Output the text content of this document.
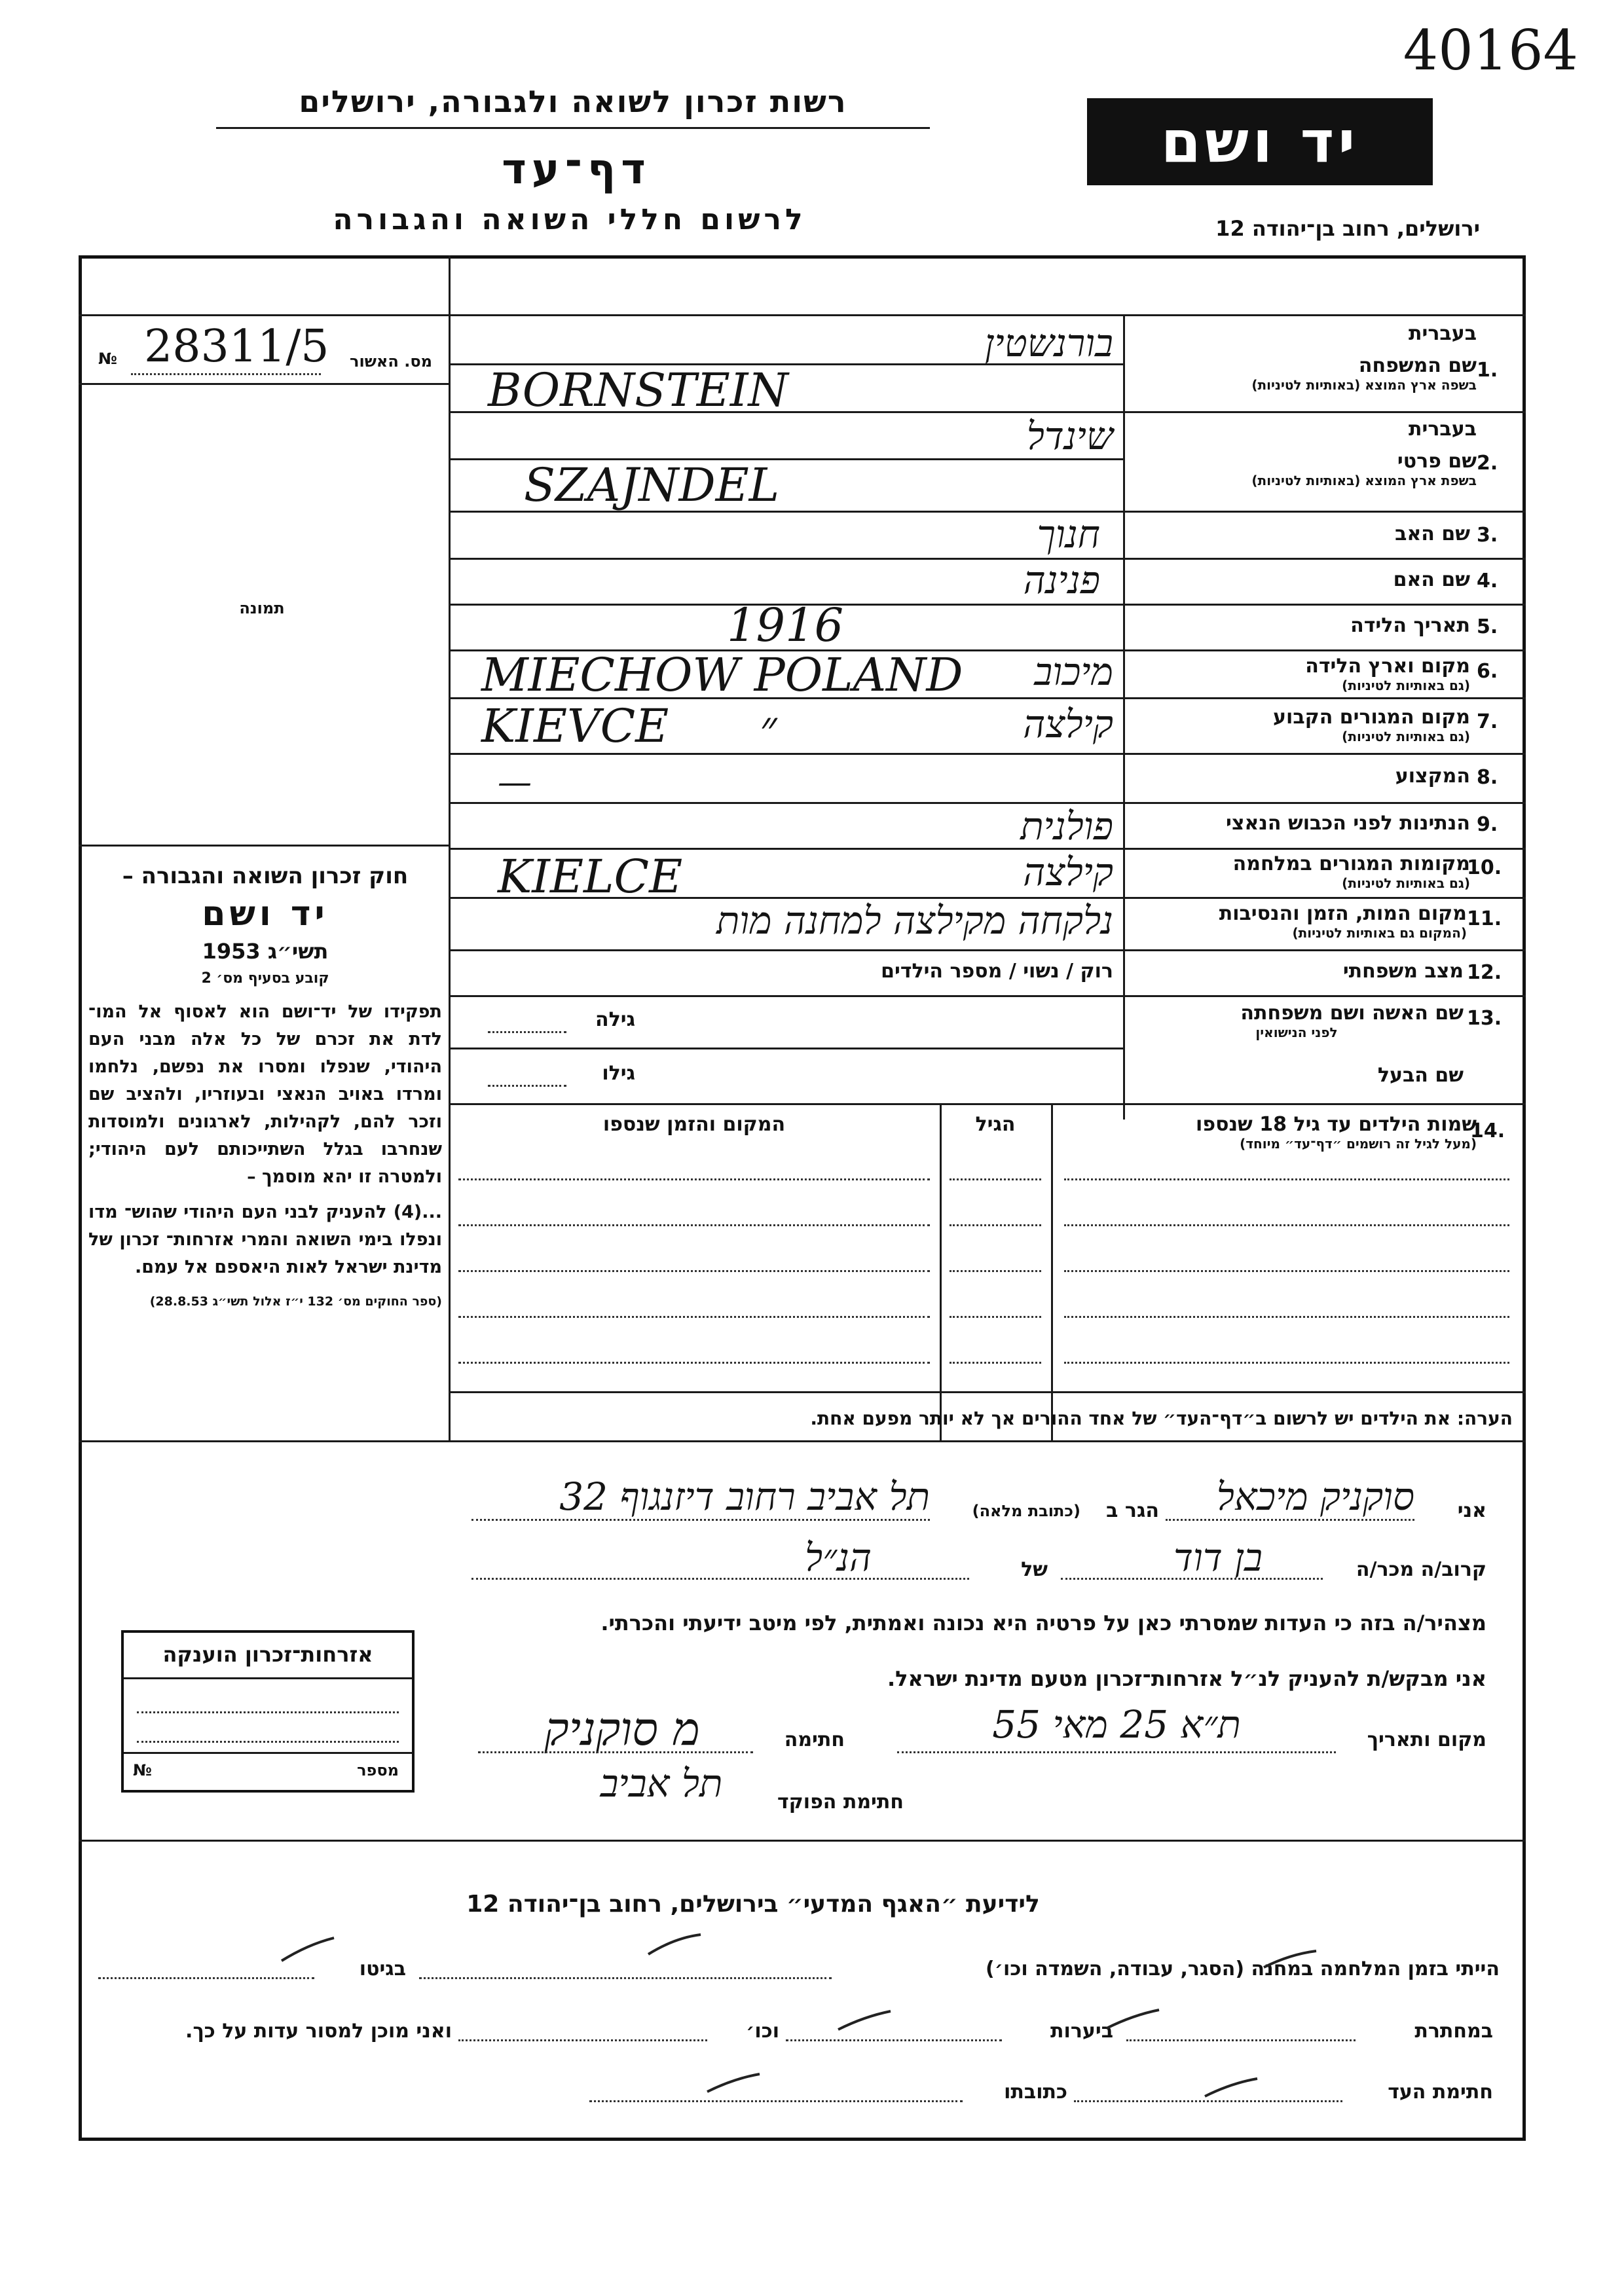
40164
רשות זכרון לשואה ולגבורה, ירושלים
דף־עד
לרשום חללי השואה והגבורה
יד ושם
ירושלים, רחוב בן־יהודה 12
№ 28311/5 מס. האשור
תמונה
חוק זכרון השואה והגבורה –
יד ושם
תשי״ג 1953
קובע בסעיף מס׳ 2
תפקידו של יד־ושם הוא לאסוף אל המו־ לדת את זכרם של כל אלה מבני העם היהודי, שנפלו ומסרו את נפשם, נלחמו ומרדו באויב הנאצי ובעוזריו, ולהציב שם וזכר להם, לקהילות, לארגונים ולמוסדות שנחרבו בגלל השתייכותם לעם היהודי; ולמטרה זו יהא מוסמך –
...(4) להעניק לבני העם היהודי שהוש־ מדו ונפלו בימי השואה והמרי אזרחות־ זכרון של מדינת ישראל לאות היאספם אל עמם.
(ספר החוקים מס׳ 132 י״ז אלול תשי״ג 28.8.53)
בעברית
שם המשפחה
בשפה ארץ המוצא (באותיות לטיניות)
1.
בעברית
שם פרטי
בשפת ארץ המוצא (באותיות לטיניות)
2.
שם האב 3.
שם האם 4.
תאריך הלידה 5.
מקום וארץ הלידה
(גם באותיות לטיניות)
6.
מקום המגורים הקבוע
(גם באותיות לטיניות)
7.
המקצוע 8.
הנתינות לפני הכבוש הנאצי 9.
מקומות המגורים במלחמה
(גם באותיות לטיניות)
10.
מקום המות, הזמן והנסיבות
(המקום גם באותיות לטיניות)
11.
מצב משפחתי 12.
שם האשה ושם משפחתה
לפני הנישואין
13.
שם הבעל
בורנשטין
BORNSTEIN
שינדל
SZAJNDEL
חנוך
פנינה
1916
מיכוב
MIECHOW POLAND
קילצה
״
KIEVCE
—
פולנית
קילצה
KIELCE
נלקחה מקילצה למחנה מות
רוק / נשוי / מספר הילדים
גילה
גילו
שמות הילדים עד גיל 18 שנספו
(מעל לגיל זה רושמים ״דף־עד״ מיוחד)
14.
הגיל
המקום והזמן שנספו
הערה: את הילדים יש לרשום ב״דף־העד״ של אחד ההורים אך לא יותר מפעם אחת.
אני
סוקניק מיכאל
הגר ב
(כתובת מלאה)
תל אביב רחוב דיזנגוף 32
קרוב/ה מכר/ה
בן דוד
של
הנ״ל
מצהיר/ה בזה כי העדות שמסרתי כאן על פרטיה היא נכונה ואמתית, לפי מיטב ידיעתי והכרתי.
אני מבקש/ת להעניק לנ״ל אזרחות־זכרון מטעם מדינת ישראל.
מקום ותאריך
ת״א 25 מאי 55
חתימה
מ סוקניק
חתימת הפוקד
תל אביב
אזרחות־זכרון הוענקה
מספר
№
לידיעת ״האגף המדעי״ בירושלים, רחוב בן־יהודה 12
הייתי בזמן המלחמה במחנה (הסגר, עבודה, השמדה וכו׳)
בגיטו
במחתרת
ביערות
וכו׳
ואני מוכן למסור עדות על כך.
חתימת העד
כתובתו
